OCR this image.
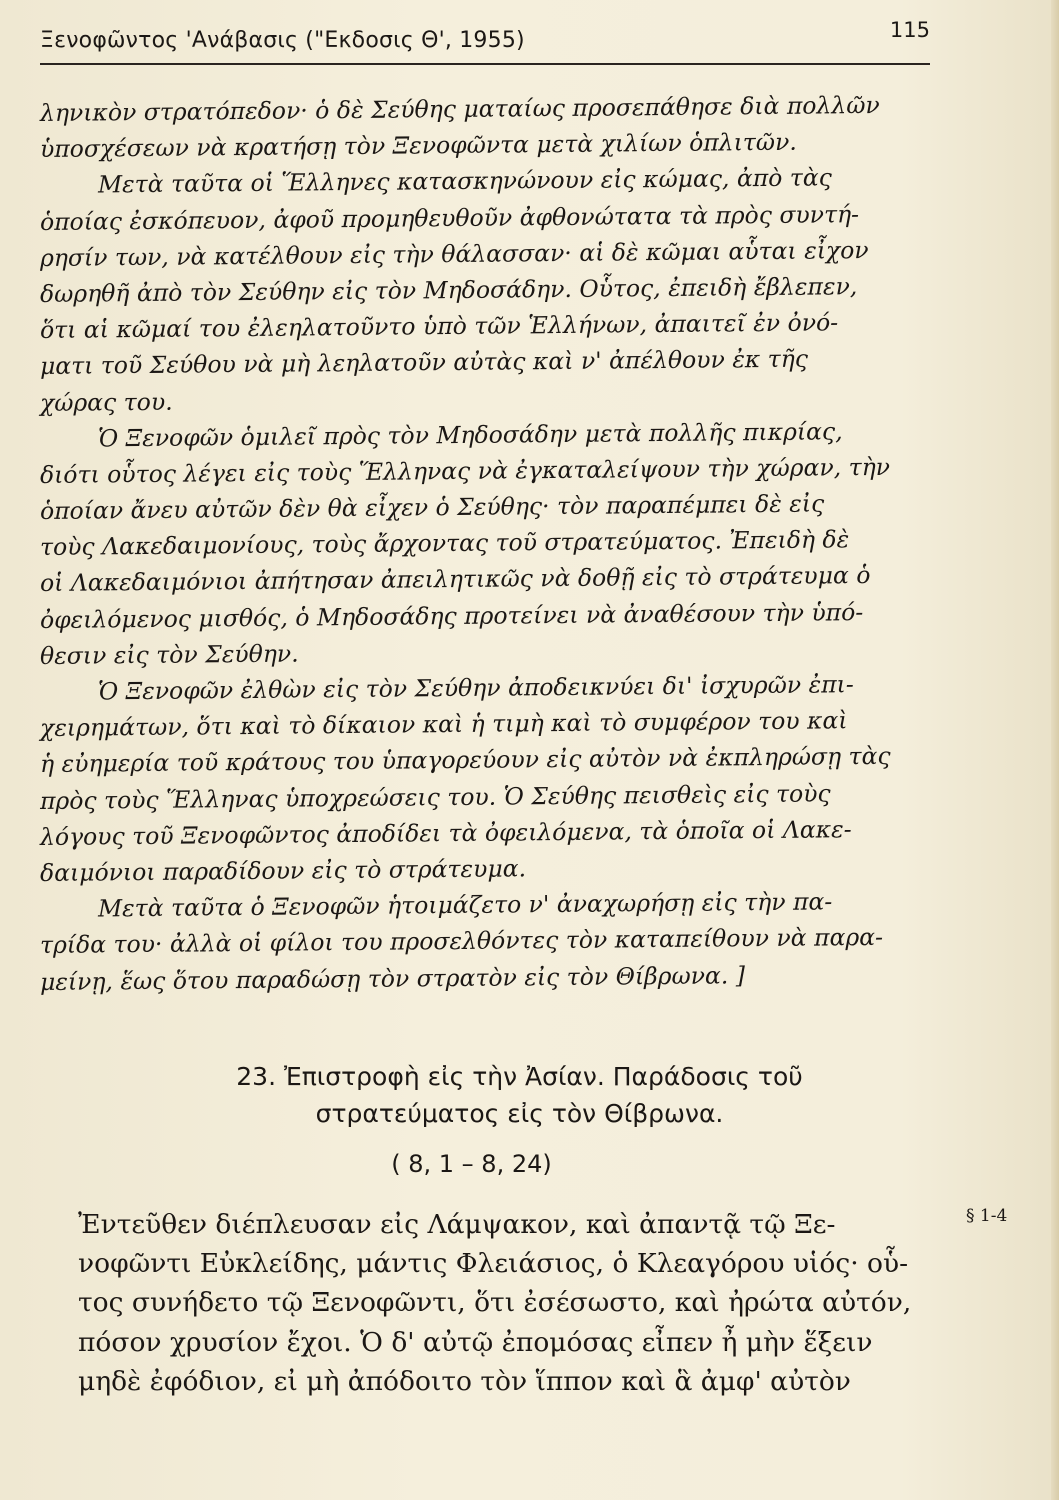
Ξενοφῶντος 'Ανάβασις ("Εκδοσις Θ', 1955)	115
ληνικὸν στρατόπεδον· ὁ δὲ Σεύθης ματαίως προσεπάθησε διὰ πολλῶν
ὑποσχέσεων νὰ κρατήσῃ τὸν Ξενοφῶντα μετὰ χιλίων ὁπλιτῶν.
Μετὰ ταῦτα οἱ Ἕλληνες κατασκηνώνουν εἰς κώμας, ἀπὸ τὰς
ὁποίας ἐσκόπευον, ἀφοῦ προμηθευθοῦν ἀφθονώτατα τὰ πρὸς συντή-
ρησίν των, νὰ κατέλθουν εἰς τὴν θάλασσαν· αἱ δὲ κῶμαι αὗται εἶχον
δωρηθῆ ἀπὸ τὸν Σεύθην εἰς τὸν Μηδοσάδην. Οὗτος, ἐπειδὴ ἔβλεπεν,
ὅτι αἱ κῶμαί του ἐλεηλατοῦντο ὑπὸ τῶν Ἑλλήνων, ἀπαιτεῖ ἐν ὀνό-
ματι τοῦ Σεύθου νὰ μὴ λεηλατοῦν αὐτὰς καὶ ν' ἀπέλθουν ἐκ τῆς
χώρας του.
Ὁ Ξενοφῶν ὁμιλεῖ πρὸς τὸν Μηδοσάδην μετὰ πολλῆς πικρίας,
διότι οὗτος λέγει εἰς τοὺς Ἕλληνας νὰ ἐγκαταλείψουν τὴν χώραν, τὴν
ὁποίαν ἄνευ αὐτῶν δὲν θὰ εἶχεν ὁ Σεύθης· τὸν παραπέμπει δὲ εἰς
τοὺς Λακεδαιμονίους, τοὺς ἄρχοντας τοῦ στρατεύματος. Ἐπειδὴ δὲ
οἱ Λακεδαιμόνιοι ἀπήτησαν ἀπειλητικῶς νὰ δοθῇ εἰς τὸ στράτευμα ὁ
ὀφειλόμενος μισθός, ὁ Μηδοσάδης προτείνει νὰ ἀναθέσουν τὴν ὑπό-
θεσιν εἰς τὸν Σεύθην.
Ὁ Ξενοφῶν ἐλθὼν εἰς τὸν Σεύθην ἀποδεικνύει δι' ἰσχυρῶν ἐπι-
χειρημάτων, ὅτι καὶ τὸ δίκαιον καὶ ἡ τιμὴ καὶ τὸ συμφέρον του καὶ
ἡ εὐημερία τοῦ κράτους του ὑπαγορεύουν εἰς αὐτὸν νὰ ἐκπληρώσῃ τὰς
πρὸς τοὺς Ἕλληνας ὑποχρεώσεις του. Ὁ Σεύθης πεισθεὶς εἰς τοὺς
λόγους τοῦ Ξενοφῶντος ἀποδίδει τὰ ὀφειλόμενα, τὰ ὁποῖα οἱ Λακε-
δαιμόνιοι παραδίδουν εἰς τὸ στράτευμα.
Μετὰ ταῦτα ὁ Ξενοφῶν ἡτοιμάζετο ν' ἀναχωρήσῃ εἰς τὴν πα-
τρίδα του· ἀλλὰ οἱ φίλοι του προσελθόντες τὸν καταπείθουν νὰ παρα-
μείνῃ, ἕως ὅτου παραδώσῃ τὸν στρατὸν εἰς τὸν Θίβρωνα. ]
23. Ἐπιστροφὴ εἰς τὴν Ἀσίαν. Παράδοσις τοῦ
στρατεύματος εἰς τὸν Θίβρωνα.
( 8, 1 – 8, 24)
Ἐντεῦθεν διέπλευσαν εἰς Λάμψακον, καὶ ἀπαντᾷ τῷ Ξε-
νοφῶντι Εὐκλείδης, μάντις Φλειάσιος, ὁ Κλεαγόρου υἱός· οὗ-
τος συνήδετο τῷ Ξενοφῶντι, ὅτι ἐσέσωστο, καὶ ἠρώτα αὐτόν,
πόσον χρυσίον ἔχοι. Ὁ δ' αὐτῷ ἐπομόσας εἶπεν ἦ μὴν ἕξειν
μηδὲ ἐφόδιον, εἰ μὴ ἀπόδοιτο τὸν ἵππον καὶ ἃ ἀμφ' αὐτὸν
§ 1-4
